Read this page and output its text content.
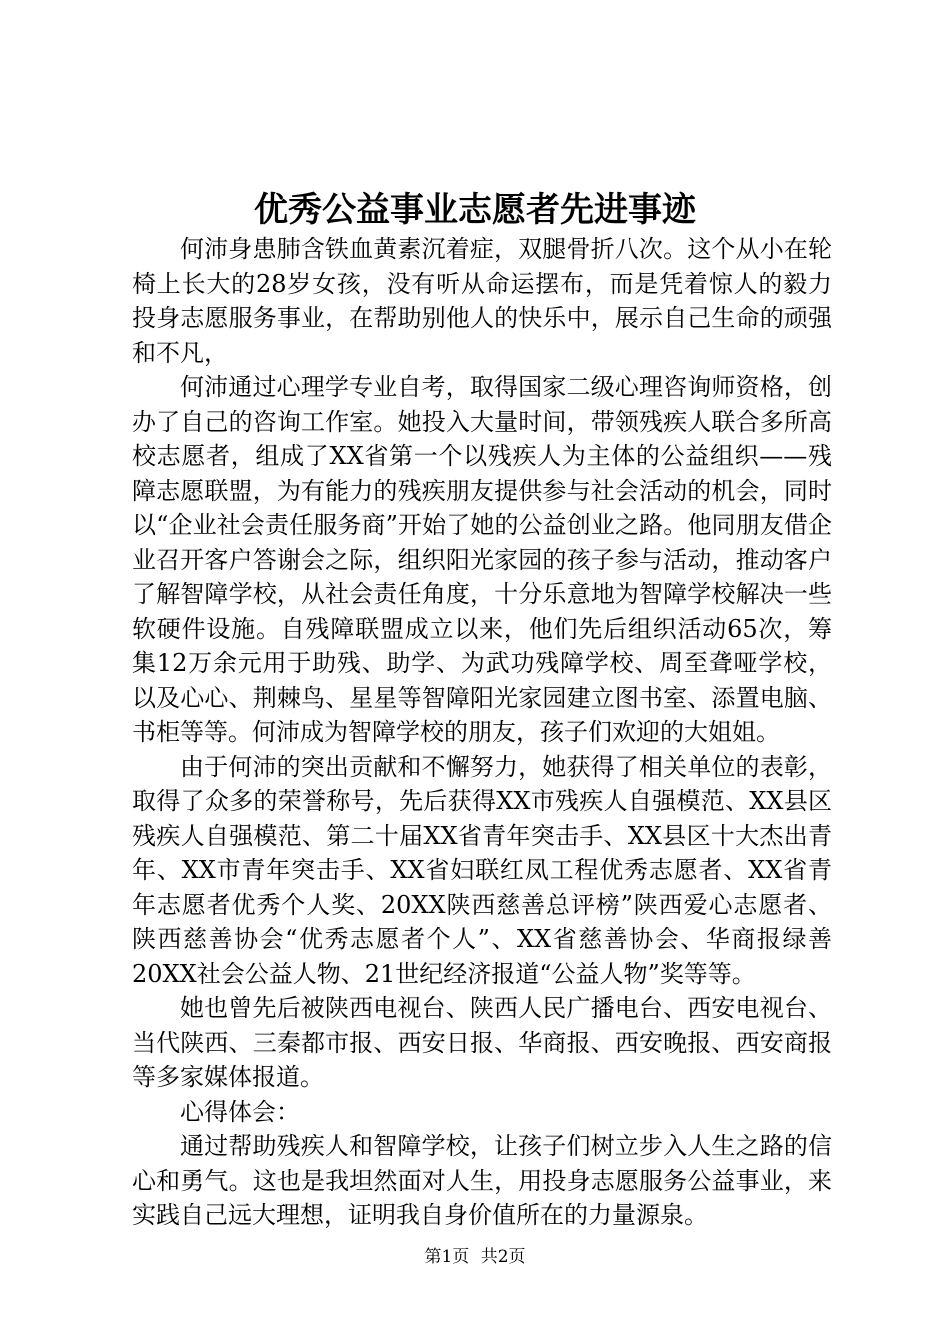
优秀公益事业志愿者先进事迹

何沛身患肺含铁血黄素沉着症，双腿骨折八次。这个从小在轮椅上长大的28岁女孩，没有听从命运摆布，而是凭着惊人的毅力投身志愿服务事业，在帮助别他人的快乐中，展示自己生命的顽强和不凡，

何沛通过心理学专业自考，取得国家二级心理咨询师资格，创办了自己的咨询工作室。她投入大量时间，带领残疾人联合多所高校志愿者，组成了XX省第一个以残疾人为主体的公益组织——残障志愿联盟，为有能力的残疾朋友提供参与社会活动的机会，同时以“企业社会责任服务商”开始了她的公益创业之路。他同朋友借企业召开客户答谢会之际，组织阳光家园的孩子参与活动，推动客户了解智障学校，从社会责任角度，十分乐意地为智障学校解决一些软硬件设施。自残障联盟成立以来，他们先后组织活动65次，筹集12万余元用于助残、助学、为武功残障学校、周至聋哑学校，以及心心、荆棘鸟、星星等智障阳光家园建立图书室、添置电脑、书柜等等。何沛成为智障学校的朋友，孩子们欢迎的大姐姐。

由于何沛的突出贡献和不懈努力，她获得了相关单位的表彰，取得了众多的荣誉称号，先后获得XX市残疾人自强模范、XX县区残疾人自强模范、第二十届XX省青年突击手、XX县区十大杰出青年、XX市青年突击手、XX省妇联红凤工程优秀志愿者、XX省青年志愿者优秀个人奖、20XX陕西慈善总评榜”陕西爱心志愿者、陕西慈善协会“优秀志愿者个人”、XX省慈善协会、华商报绿善20XX社会公益人物、21世纪经济报道“公益人物”奖等等。

她也曾先后被陕西电视台、陕西人民广播电台、西安电视台、当代陕西、三秦都市报、西安日报、华商报、西安晚报、西安商报等多家媒体报道。

心得体会：

通过帮助残疾人和智障学校，让孩子们树立步入人生之路的信心和勇气。这也是我坦然面对人生，用投身志愿服务公益事业，来实践自己远大理想，证明我自身价值所在的力量源泉。

第1页 共2页
